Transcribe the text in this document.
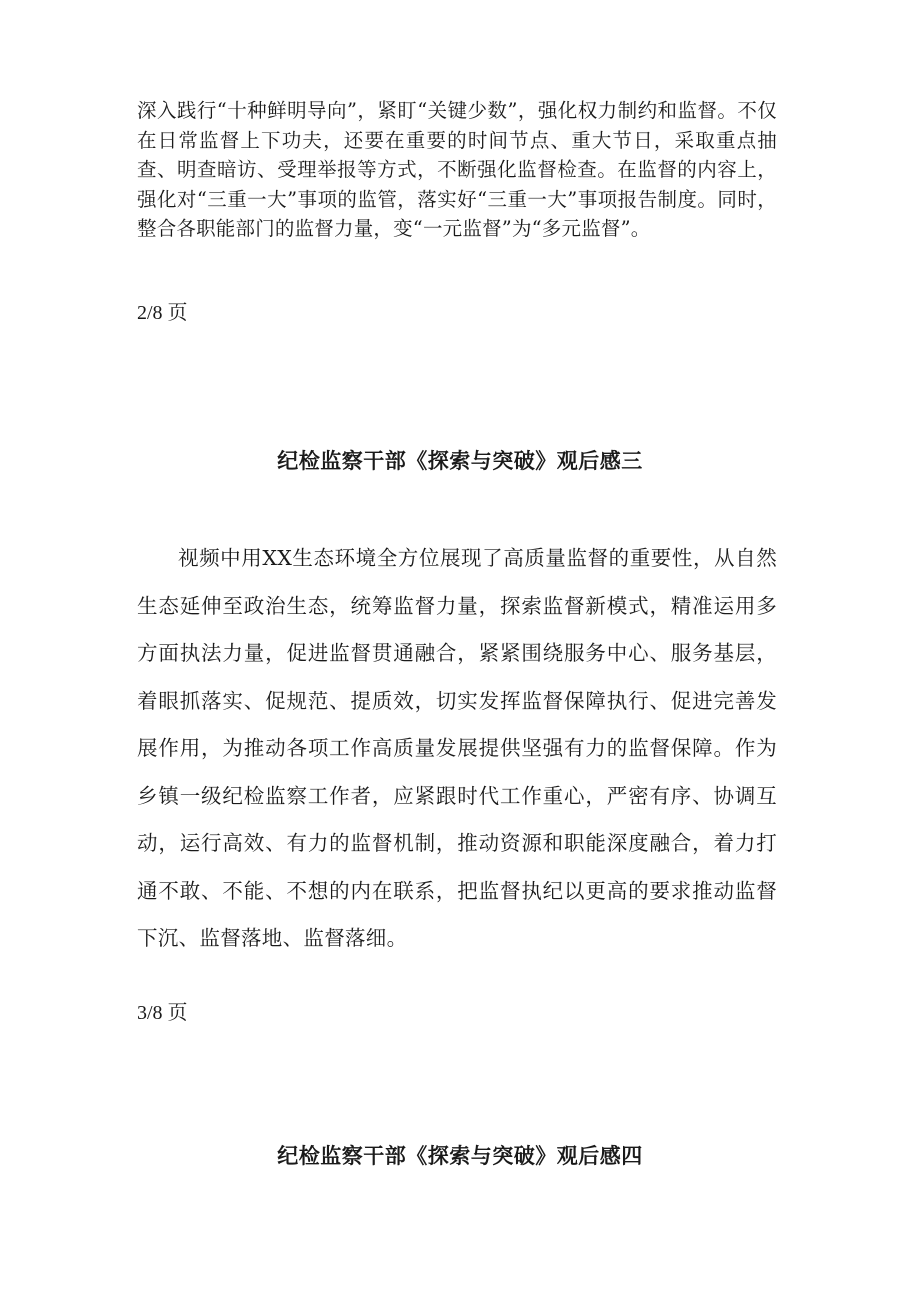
深入践行“十种鲜明导向”，紧盯“关键少数”，强化权力制约和监督。不仅在日常监督上下功夫，还要在重要的时间节点、重大节日，采取重点抽查、明查暗访、受理举报等方式，不断强化监督检查。在监督的内容上，强化对“三重一大”事项的监管，落实好“三重一大”事项报告制度。同时，整合各职能部门的监督力量，变“一元监督”为“多元监督”。

2/8 页

纪检监察干部《探索与突破》观后感三

视频中用XX生态环境全方位展现了高质量监督的重要性，从自然生态延伸至政治生态，统筹监督力量，探索监督新模式，精准运用多方面执法力量，促进监督贯通融合，紧紧围绕服务中心、服务基层，着眼抓落实、促规范、提质效，切实发挥监督保障执行、促进完善发展作用，为推动各项工作高质量发展提供坚强有力的监督保障。作为乡镇一级纪检监察工作者，应紧跟时代工作重心，严密有序、协调互动，运行高效、有力的监督机制，推动资源和职能深度融合，着力打通不敢、不能、不想的内在联系，把监督执纪以更高的要求推动监督下沉、监督落地、监督落细。

3/8 页

纪检监察干部《探索与突破》观后感四
